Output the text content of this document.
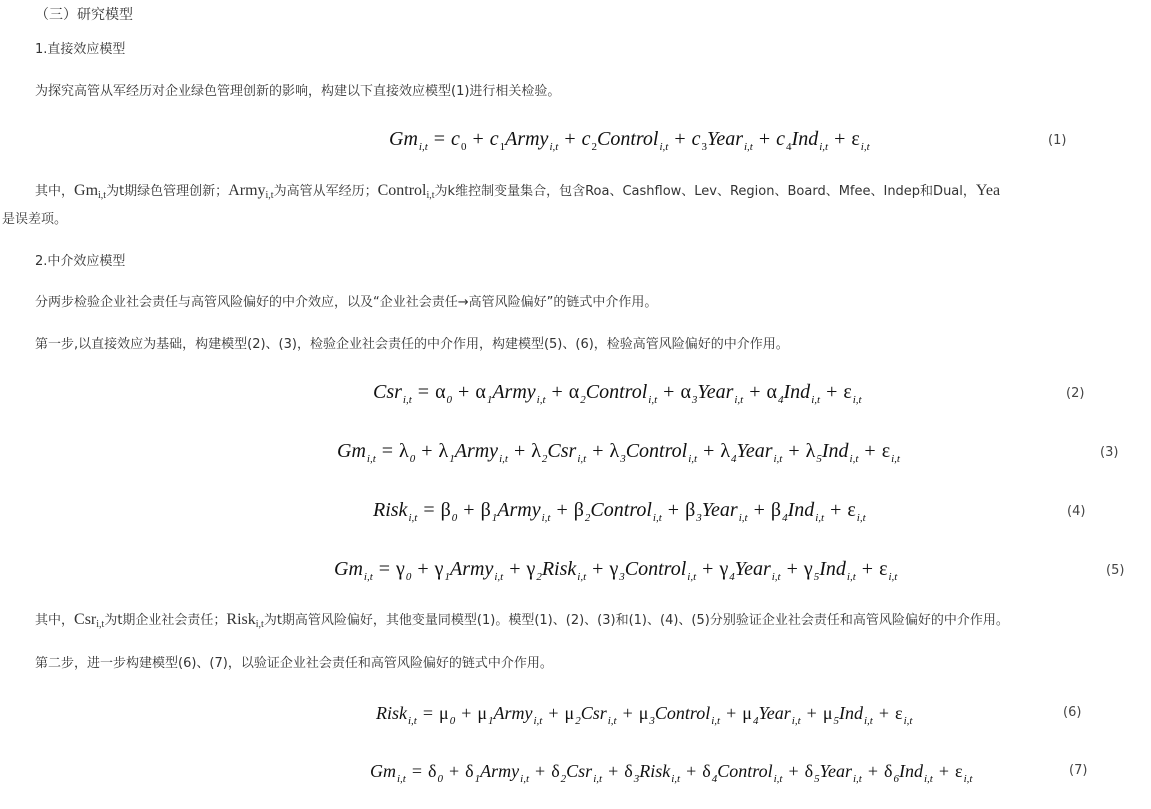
（三）研究模型
1.直接效应模型
为探究高管从军经历对企业绿色管理创新的影响，构建以下直接效应模型(1)进行相关检验。
$Gm_{i,t} = c_0$ + $c_1Army_{i,t}$ + $c_2Control_{i,t}$ + $c_3Year_{i,t} + c_4Ind_{i,t} + \varepsilon_{i,t}$	(1)
其中，$Gm_{i,t}$为t期绿色管理创新；Army$_{i,t}$为高管从军经历；Control$_{i,t}$为k维控制变量集合，包含Roa、Cashflow、Lev、Region、Board、Mfee、Indep和Dual，Yea
是误差项。
2.中介效应模型
分两步检验企业社会责任与高管风险偏好的中介效应，以及“企业社会责任→高管风险偏好”的链式中介作用。
第一步,以直接效应为基础，构建模型(2)、(3)，检验企业社会责任的中介作用，构建模型(5)、(6)，检验高管风险偏好的中介作用。
$Csr_{i,t} = \alpha_0$ + $\alpha_1Army_{i,t}$ + $\alpha_2Control_{i,t}$ + $\alpha_3Year_{i,t} + \alpha_4Ind_{i,t} + \varepsilon_{i,t}$	(2)
$Gm_{i,t} = \lambda_0$ + $\lambda_1Army_{i,t} + \lambda_2Csr_{i,t}$ + $\lambda_3Control_{i,t}$ + $\lambda_4Year_{i,t} + \lambda_5Ind_{i,t} + \varepsilon_{i,t}$	(3)
Risk$_{i,t}$ = $\beta_0$ + $\beta_1Army_{i,t}$ + $\beta_2Control_{i,t}$ + $\beta_3Year_{i,t} + \beta_4Ind_{i,t} + \varepsilon_{i,t}$	(4)
$Gm_{i,t} = \gamma_0$ + $\gamma_1Army_{i,t}$ + $\gamma_2Risk_{i,t}$ + $\gamma_3Control_{i,t}$ + $\gamma_4Year_{i,t} + \gamma_5Ind_{i,t} + \varepsilon_{i,t}$	(5)
其中，Csr$_{i,t}$为t期企业社会责任；Risk$_{i,t}$为t期高管风险偏好，其他变量同模型(1)。模型(1)、(2)、(3)和(1)、(4)、(5)分别验证企业社会责任和高管风险偏好的中介作用。
第二步，进一步构建模型(6)、(7)，以验证企业社会责任和高管风险偏好的链式中介作用。
Risk$_{i,t}$ = $\mu_0$ + $\mu_1Army_{i,t} + \mu_2Csr_{i,t}$ + $\mu_3Control_{i,t}$ + $\mu_4Year_{i,t} + \mu_5Ind_{i,t} + \varepsilon_{i,t}$
(6)
$Gm_{i,t} = \delta_0$ + $\delta_1Army_{i,t} + \delta_2Csr_{i,t}$ + $\delta_3Risk_{i,t}$ + $\delta_4Control_{i,t}$ + $\delta_5Year_{i,t} + \delta_6Ind_{i,t} + \varepsilon_{i,t}$
(7)
